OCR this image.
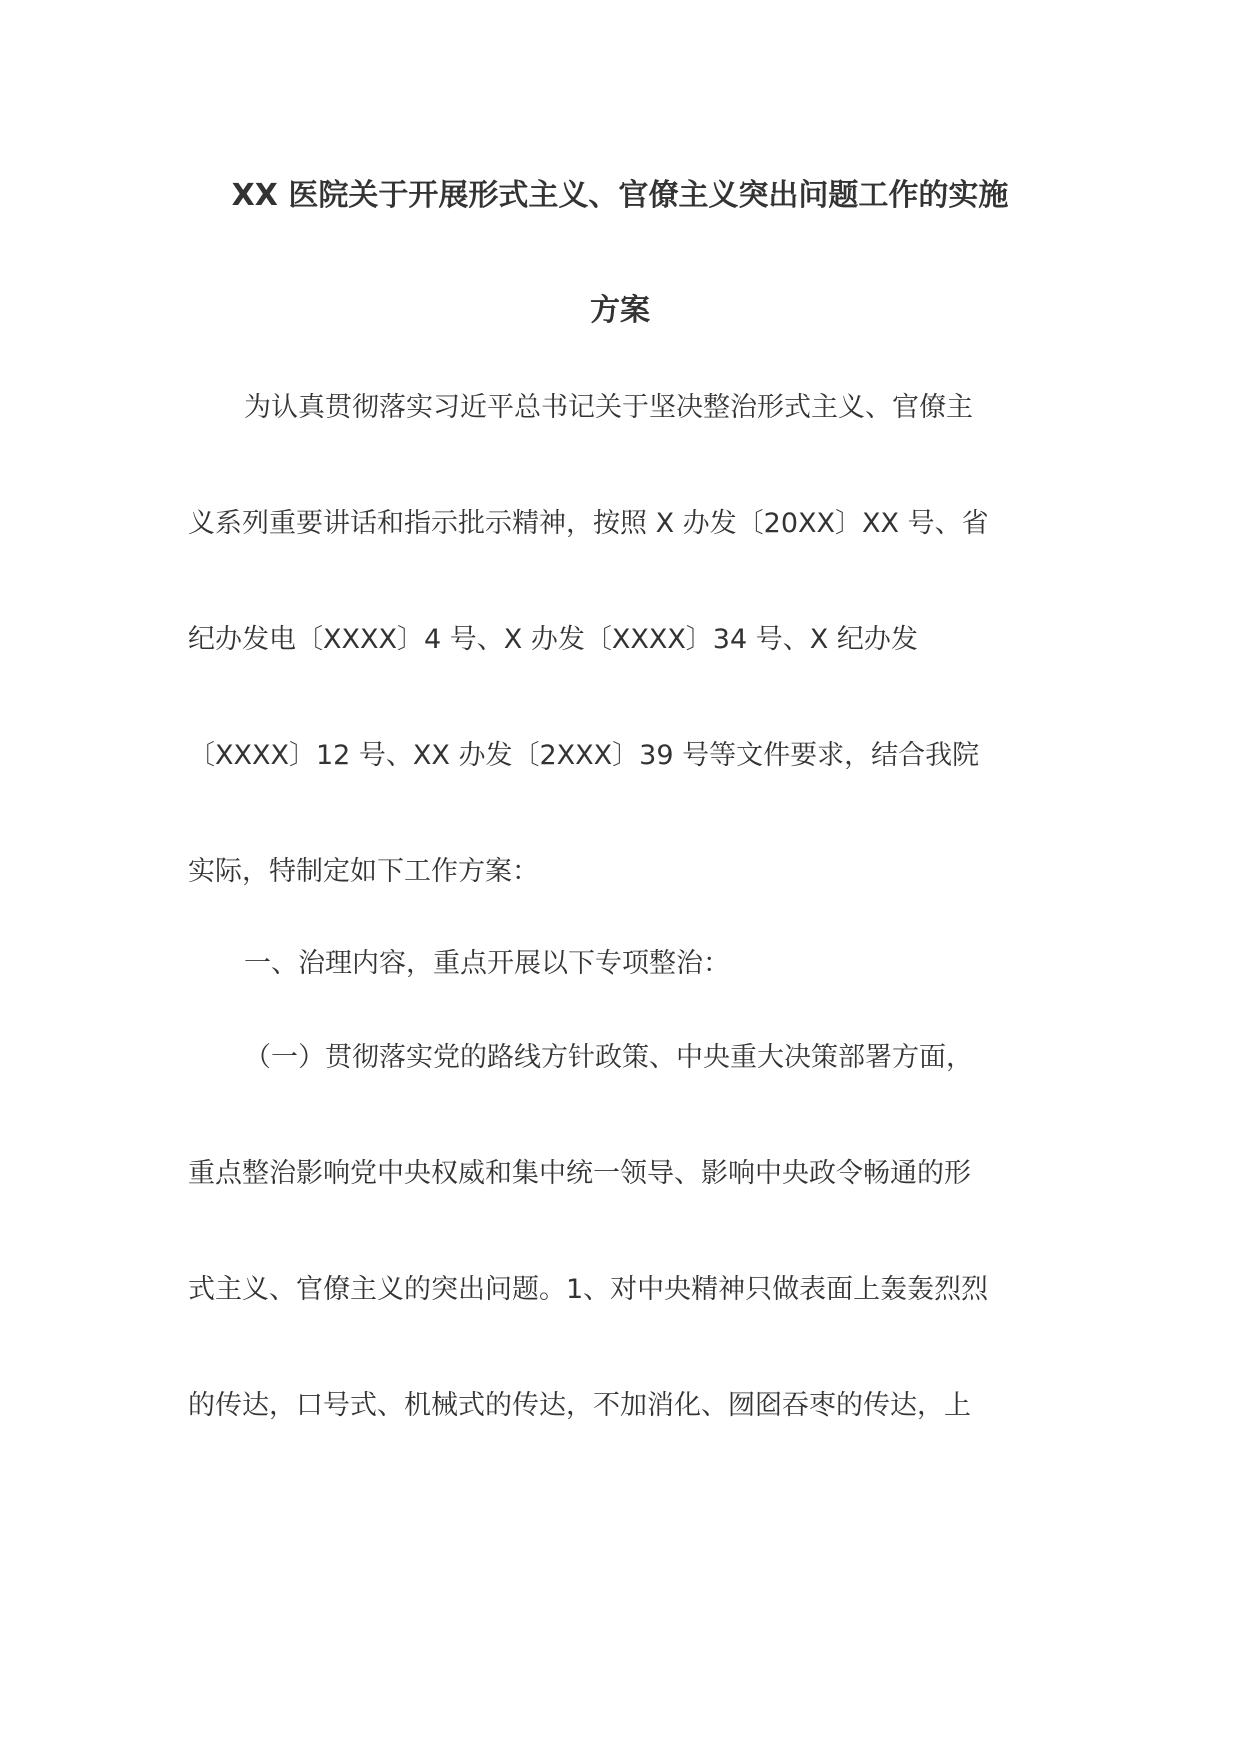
XX 医院关于开展形式主义、官僚主义突出问题工作的实施
方案
为认真贯彻落实习近平总书记关于坚决整治形式主义、官僚主
义系列重要讲话和指示批示精神，按照 X 办发〔20XX〕XX 号、省
纪办发电〔XXXX〕4 号、X 办发〔XXXX〕34 号、X 纪办发
〔XXXX〕12 号、XX 办发〔2XXX〕39 号等文件要求，结合我院
实际，特制定如下工作方案：
一、治理内容，重点开展以下专项整治：
（一）贯彻落实党的路线方针政策、中央重大决策部署方面，
重点整治影响党中央权威和集中统一领导、影响中央政令畅通的形
式主义、官僚主义的突出问题。1、对中央精神只做表面上轰轰烈烈
的传达，口号式、机械式的传达，不加消化、囫囵吞枣的传达，上
